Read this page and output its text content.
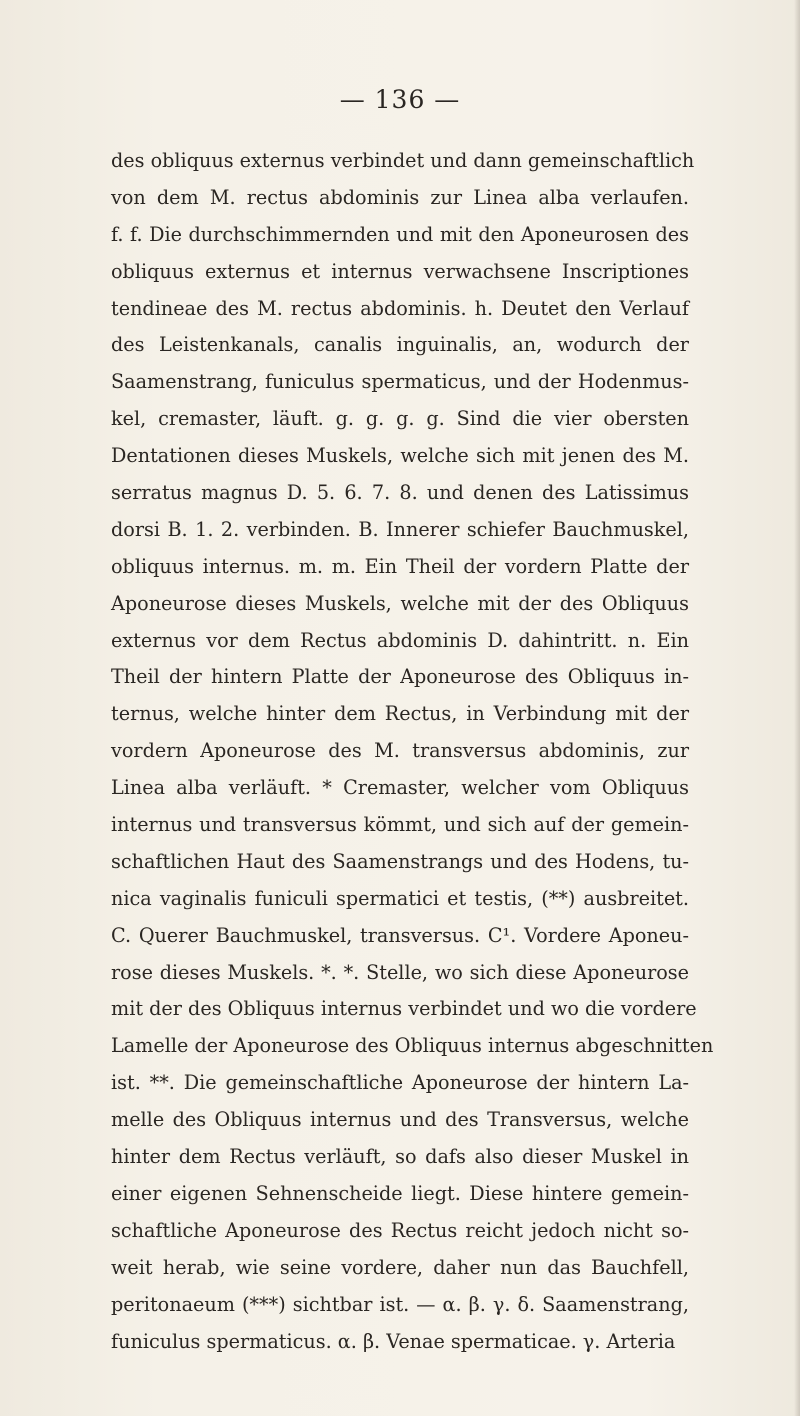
— 136 —
des obliquus externus verbindet und dann gemeinschaftlich
von dem M. rectus abdominis zur Linea alba verlaufen.
f. f. Die durchschimmernden und mit den Aponeurosen des
obliquus externus et internus verwachsene Inscriptiones
tendineae des M. rectus abdominis. h. Deutet den Verlauf
des Leistenkanals, canalis inguinalis, an, wodurch der
Saamenstrang, funiculus spermaticus, und der Hodenmus-
kel, cremaster, läuft. g. g. g. g. Sind die vier obersten
Dentationen dieses Muskels, welche sich mit jenen des M.
serratus magnus D. 5. 6. 7. 8. und denen des Latissimus
dorsi B. 1. 2. verbinden. B. Innerer schiefer Bauchmuskel,
obliquus internus. m. m. Ein Theil der vordern Platte der
Aponeurose dieses Muskels, welche mit der des Obliquus
externus vor dem Rectus abdominis D. dahintritt. n. Ein
Theil der hintern Platte der Aponeurose des Obliquus in-
ternus, welche hinter dem Rectus, in Verbindung mit der
vordern Aponeurose des M. transversus abdominis, zur
Linea alba verläuft. * Cremaster, welcher vom Obliquus
internus und transversus kömmt, und sich auf der gemein-
schaftlichen Haut des Saamenstrangs und des Hodens, tu-
nica vaginalis funiculi spermatici et testis, (**) ausbreitet.
C. Querer Bauchmuskel, transversus. C¹. Vordere Aponeu-
rose dieses Muskels. *. *. Stelle, wo sich diese Aponeurose
mit der des Obliquus internus verbindet und wo die vordere
Lamelle der Aponeurose des Obliquus internus abgeschnitten
ist. **. Die gemeinschaftliche Aponeurose der hintern La-
melle des Obliquus internus und des Transversus, welche
hinter dem Rectus verläuft, so dafs also dieser Muskel in
einer eigenen Sehnenscheide liegt. Diese hintere gemein-
schaftliche Aponeurose des Rectus reicht jedoch nicht so-
weit herab, wie seine vordere, daher nun das Bauchfell,
peritonaeum (***) sichtbar ist. — α. β. γ. δ. Saamenstrang,
funiculus spermaticus. α. β. Venae spermaticae. γ. Arteria
